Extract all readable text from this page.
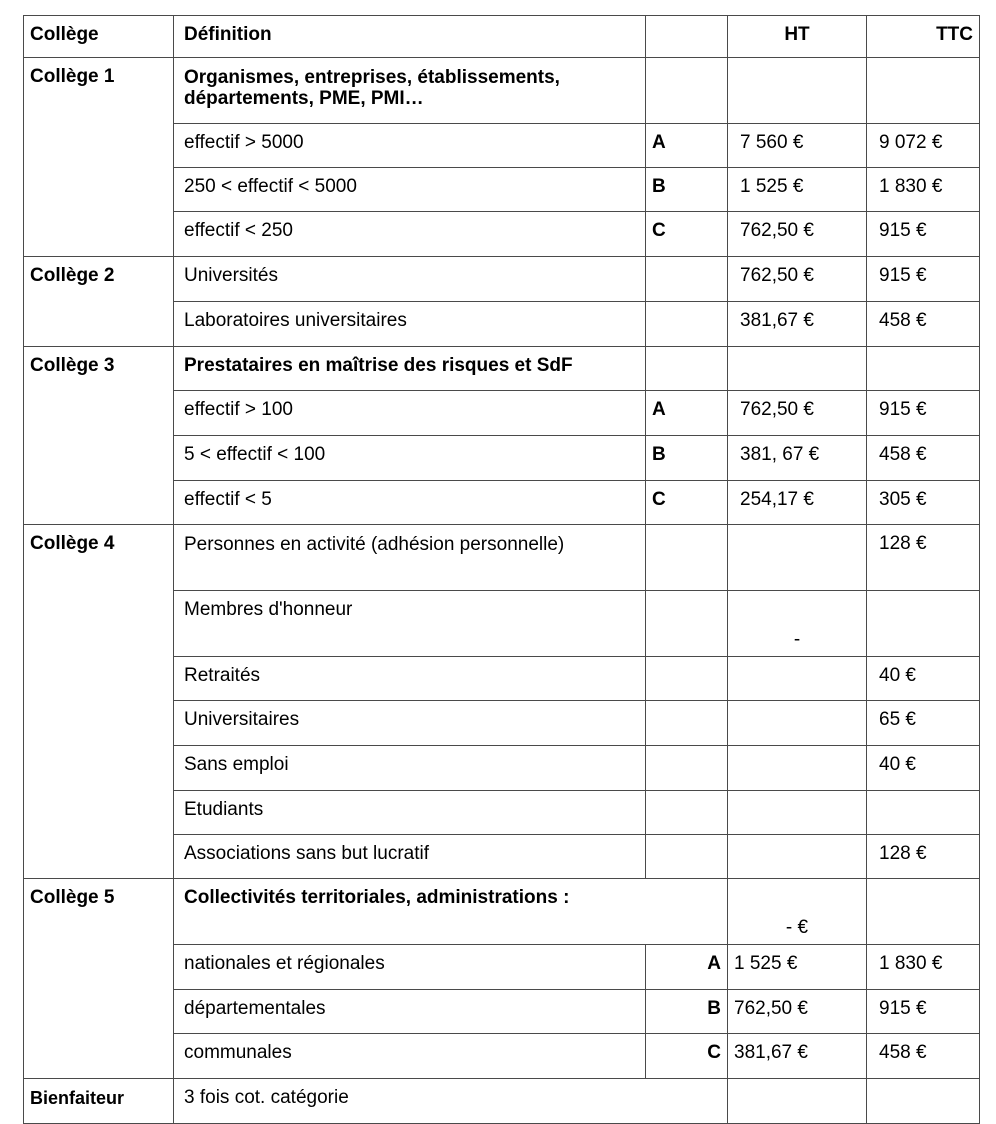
Collège	Définition		HT	TTC
Collège 1	Organismes, entreprises, établissements, départements, PME, PMI…			
	effectif > 5000	A	7 560 €	9 072 €
	250 < effectif < 5000	B	1 525 €	1 830 €
	effectif < 250	C	762,50 €	915 €
Collège 2	Universités		762,50 €	915 €
	Laboratoires universitaires		381,67 €	458 €
Collège 3	Prestataires en maîtrise des risques et SdF			
	effectif > 100	A	762,50 €	915 €
	5 < effectif < 100	B	381, 67 €	458 €
	effectif < 5	C	254,17 €	305 €
Collège 4	Personnes en activité (adhésion personnelle)			128 €
	Membres d'honneur		-	

	Retraités			40 €
	Universitaires			65 €
	Sans emploi			40 €
	Etudiants			
	Associations sans but lucratif			128 €
Collège 5	Collectivités territoriales, administrations :		- €	

	nationales et régionales	A	1 525 €	1 830 €
	départementales	B	762,50 €	915 €
	communales	C	381,67 €	458 €
Bienfaiteur	3 fois cot. catégorie			
